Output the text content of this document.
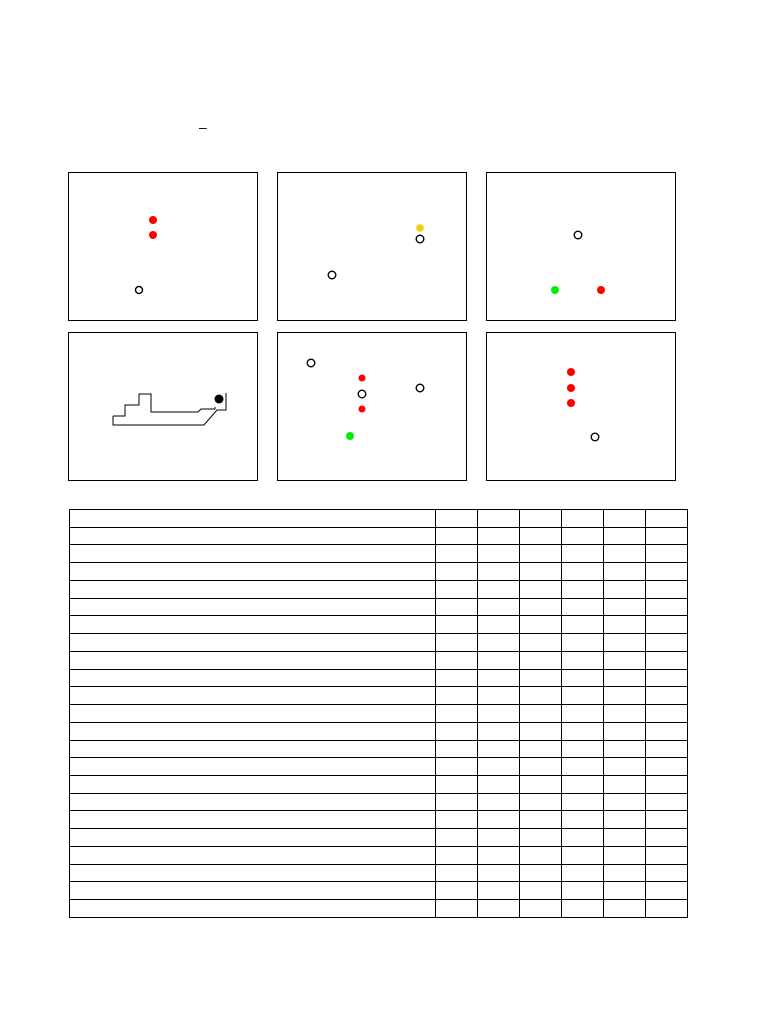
–
